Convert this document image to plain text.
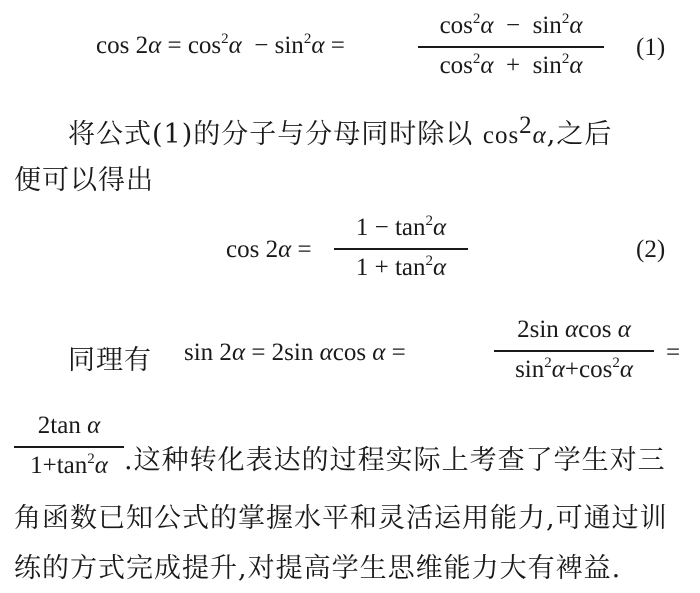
$\cos 2\alpha = \cos^2\alpha - \sin^2\alpha$ =
$\cos^2\alpha - \sin^2\alpha$
$\cos^2\alpha + \sin^2\alpha$
(1)
将公式(1)的分子与分母同时除以 $\cos^2\alpha$,之后
便可以得出
cos 2α =
$1 - \tan^2\alpha$
$1 + \tan^2\alpha$
(2)
同理有 sin 2α = 2sin αcos α =
2sin αcos α
$\sin^2\alpha+\cos^2\alpha$
=
2tan α
$1+\tan^2\alpha$ .这种转化表达的过程实际上考查了学生对三
角函数已知公式的掌握水平和灵活运用能力,可通过训
练的方式完成提升,对提高学生思维能力大有裨益.
